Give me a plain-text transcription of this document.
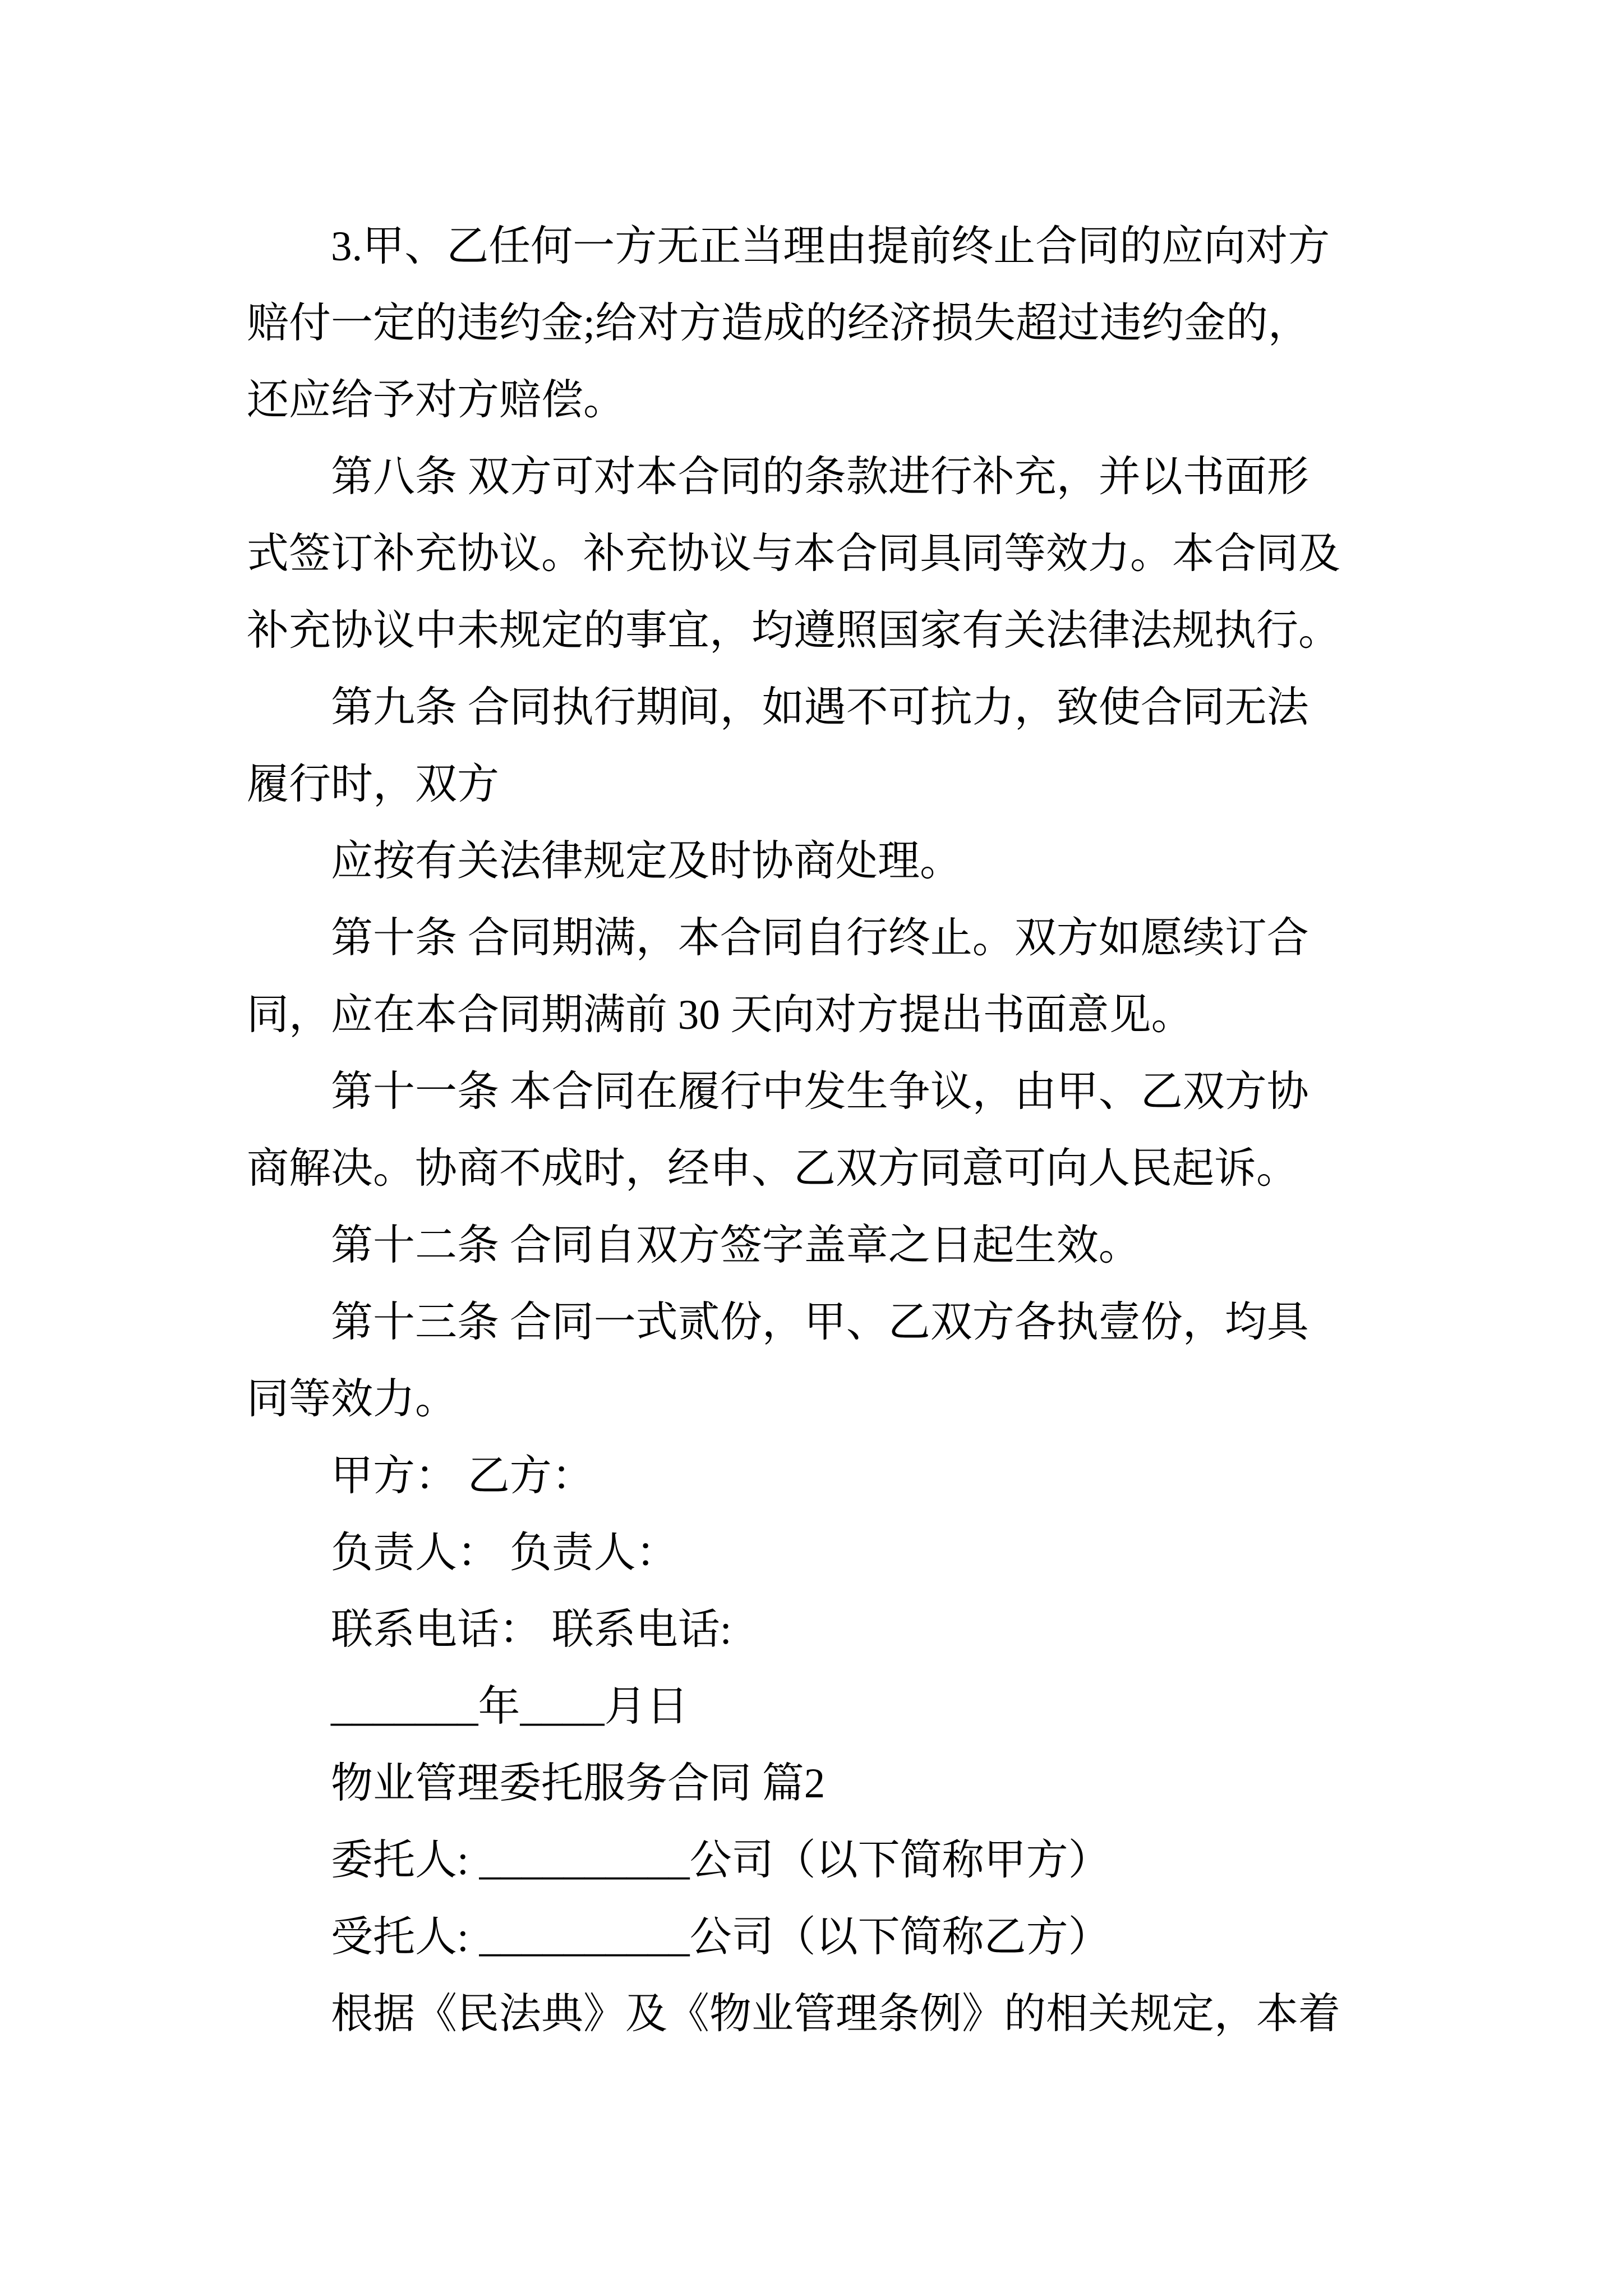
3.甲、乙任何一方无正当理由提前终止合同的应向对方
赔付一定的违约金;给对方造成的经济损失超过违约金的，
还应给予对方赔偿。
第八条 双方可对本合同的条款进行补充，并以书面形
式签订补充协议。补充协议与本合同具同等效力。本合同及
补充协议中未规定的事宜，均遵照国家有关法律法规执行。
第九条 合同执行期间，如遇不可抗力，致使合同无法
履行时，双方
应按有关法律规定及时协商处理。
第十条 合同期满，本合同自行终止。双方如愿续订合
同，应在本合同期满前 30 天向对方提出书面意见。
第十一条 本合同在履行中发生争议，由甲、乙双方协
商解决。协商不成时，经申、乙双方同意可向人民起诉。
第十二条 合同自双方签字盖章之日起生效。
第十三条 合同一式贰份，甲、乙双方各执壹份，均具
同等效力。
甲方： 乙方：
负责人： 负责人：
联系电话： 联系电话:
_______年____月日
物业管理委托服务合同 篇2
委托人: __________公司（以下简称甲方）
受托人: __________公司（以下简称乙方）
根据《民法典》及《物业管理条例》的相关规定，本着
